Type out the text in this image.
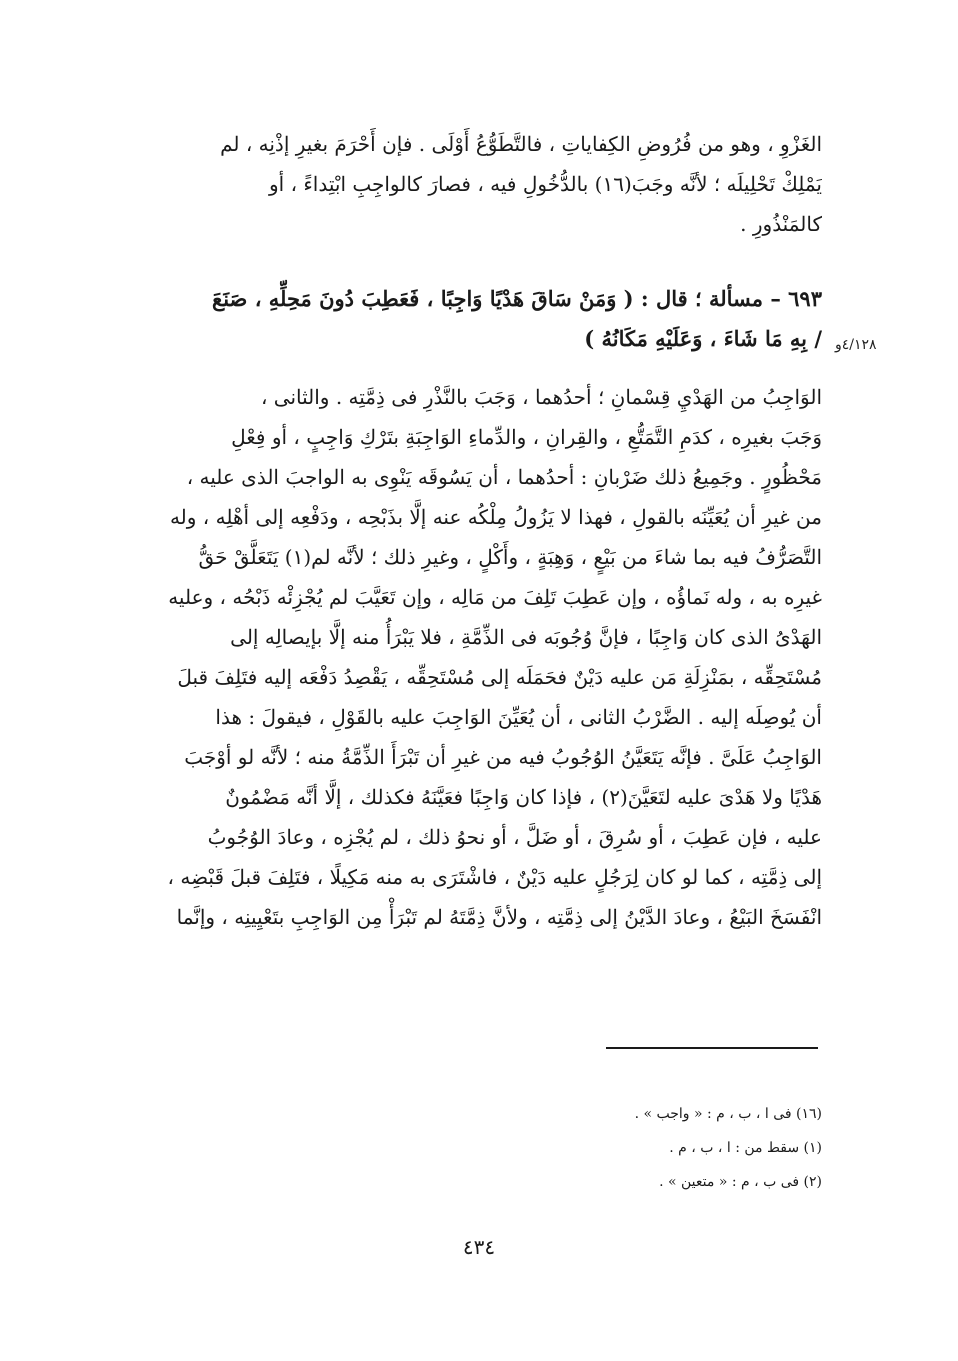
الغَزْوِ ، وهو من فُرُوضِ الكِفاياتِ ، فالتَّطَوُّعُ أَوْلَى . فإن أَحْرَمَ بغيرِ إذْنِه ، لم
يَمْلِكْ تَحْلِيلَه ؛ لأنَّه وجَبَ(١٦) بالدُّخُولِ فيه ، فصارَ كالواجِبِ ابْتِداءً ، أو
كالمَنْذُورِ .
٦٩٣ – مسألة ؛ قال : ( وَمَنْ سَاقَ هَدْيًا وَاجِبًا ، فَعَطِبَ دُونَ مَحِلِّهِ ، صَنَعَ
/ بِهِ مَا شَاءَ ، وَعَلَيْهِ مَكَانُهُ ) ٤/١٢٨و
الوَاجِبُ من الهَدْيِ قِسْمانِ ؛ أحدُهما ، وَجَبَ بالنَّذْرِ فى ذِمَّتِه . والثانى ،
وَجَبَ بغيرِه ، كدَمِ التَّمَتُّعِ ، والقِرانِ ، والدِّماءِ الوَاجِبَةِ بتَرْكِ وَاجِبٍ ، أو فِعْلِ
مَحْظُورٍ . وجَمِيعُ ذلك ضَرْبانِ : أحدُهما ، أن يَسُوقَه يَنْوِى به الواجبَ الذى عليه ،
من غيرِ أن يُعَيِّنَه بالقولِ ، فهذا لا يَزُولُ مِلْكُه عنه إلَّا بذَبْحِه ، ودَفْعِه إلى أهْلِه ، وله
التَّصَرُّفُ فيه بما شاءَ من بَيْعٍ ، وَهِبَةٍ ، وأَكْلٍ ، وغيرِ ذلك ؛ لأنَّه لم(١) يَتَعَلَّقْ حَقُّ
غيرِه به ، وله نَماؤُه ، وإن عَطِبَ تَلِفَ من مَالِه ، وإن تَعَيَّبَ لم يُجْزِئْه ذَبْحُه ، وعليه
الهَدْىُ الذى كان وَاجِبًا ، فإنَّ وُجُوبَه فى الذِّمَّةِ ، فلا يَبْرَأُ منه إلَّا بإيصالِه إلى
مُسْتَحِقِّه ، بمَنْزِلَةِ مَن عليه دَيْنٌ فحَمَلَه إلى مُسْتَحِقِّه ، يَقْصِدُ دَفْعَه إليه فتَلِفَ قبلَ
أن يُوصِلَه إليه . الضَّرْبُ الثانى ، أن يُعَيِّنَ الوَاجِبَ عليه بالقَوْلِ ، فيقولَ : هذا
الوَاجِبُ عَلَىَّ . فإنَّه يَتَعَيَّنُ الوُجُوبُ فيه من غيرِ أن تَبْرَأَ الذِّمَّةُ منه ؛ لأنَّه لو أوْجَبَ
هَدْيًا ولا هَدْىَ عليه لتَعَيَّنَ(٢) ، فإذا كان وَاجِبًا فعَيَّنَهُ فكذلك ، إلَّا أنَّه مَضْمُونٌ
عليه ، فإن عَطِبَ ، أو سُرِقَ ، أو ضَلَّ ، أو نحوُ ذلك ، لم يُجْزِه ، وعادَ الوُجُوبُ
إلى ذِمَّتِه ، كما لو كان لِرَجُلٍ عليه دَيْنٌ ، فاشْتَرَى به منه مَكِيلًا ، فتَلِفَ قبلَ قَبْضِه ،
انْفَسَخَ البَيْعُ ، وعادَ الدَّيْنُ إلى ذِمَّتِه ، ولأنَّ ذِمَّتَهُ لم تَبْرَأْ مِن الوَاجِبِ بتَعْيِينِه ، وإنَّما
(١٦) فى ا ، ب ، م : « واجب » .
(١) سقط من : ا ، ب ، م .
(٢) فى ب ، م : « متعين » .
٤٣٤
